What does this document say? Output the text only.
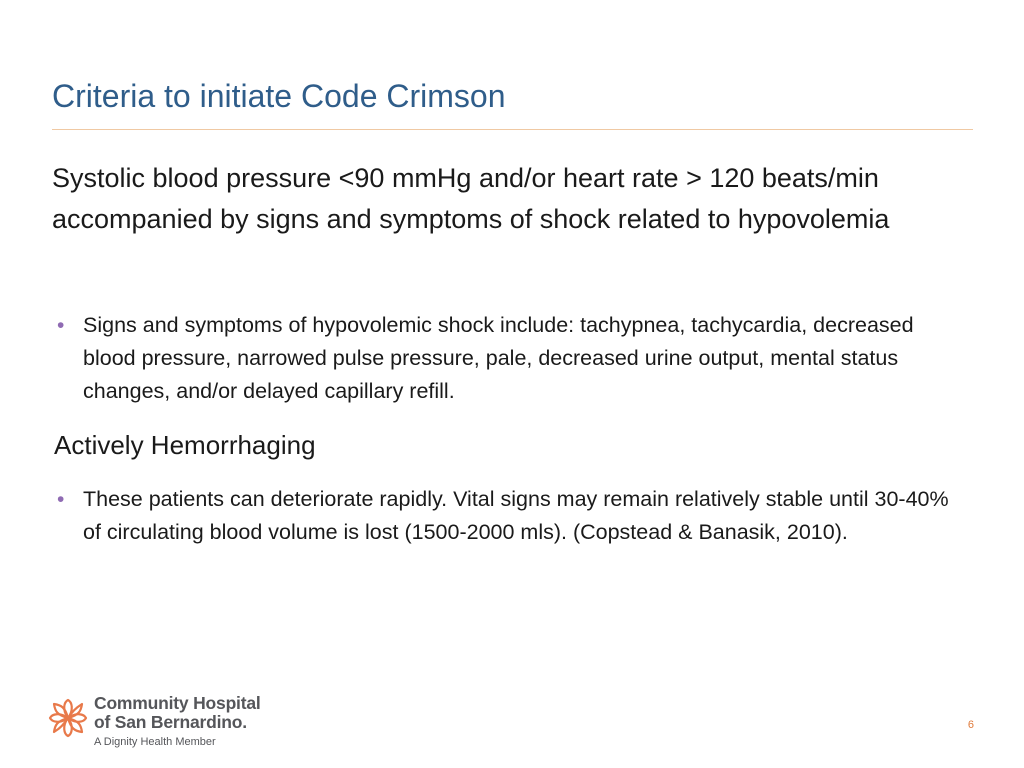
Criteria to initiate Code Crimson
Systolic blood pressure <90 mmHg and/or heart rate > 120 beats/min accompanied by signs and symptoms of shock related to hypovolemia
• Signs and symptoms of hypovolemic shock include: tachypnea, tachycardia, decreased blood pressure, narrowed pulse pressure, pale, decreased urine output, mental status changes, and/or delayed capillary refill.
Actively Hemorrhaging
• These patients can deteriorate rapidly. Vital signs may remain relatively stable until 30-40% of circulating blood volume is lost (1500-2000 mls). (Copstead & Banasik, 2010).
Community Hospital
of San Bernardino.
A Dignity Health Member
6
